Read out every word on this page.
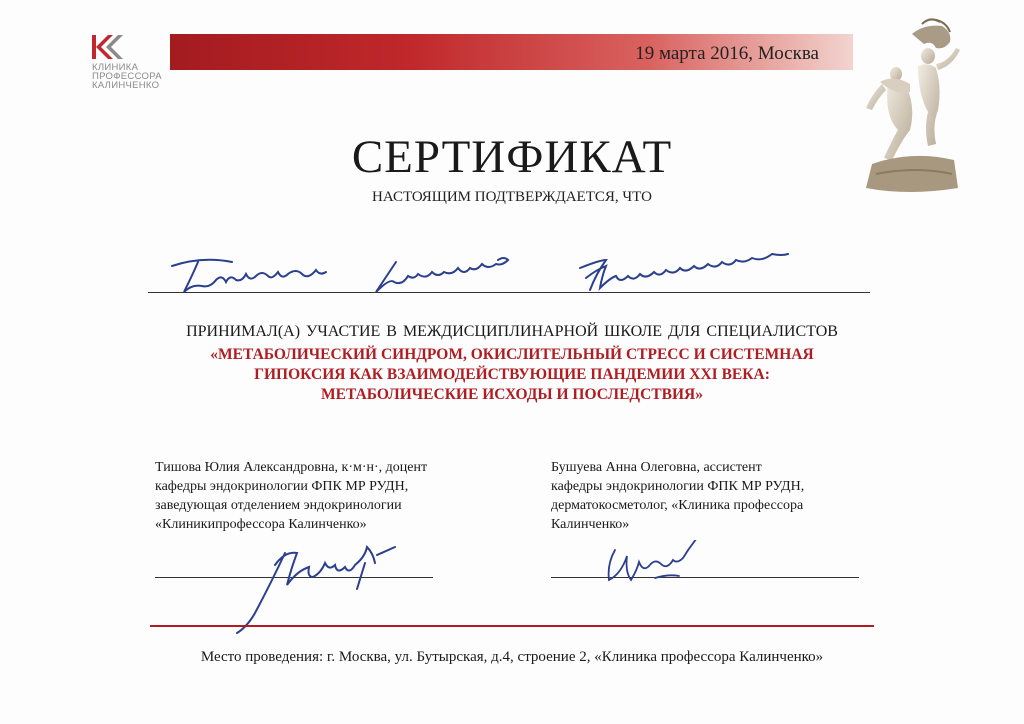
КЛИНИКА
ПРОФЕССОРА
КАЛИНЧЕНКО
19 марта 2016, Москва
СЕРТИФИКАТ
НАСТОЯЩИМ ПОДТВЕРЖДАЕТСЯ, ЧТО
ПРИНИМАЛ(А) УЧАСТИЕ В МЕЖДИСЦИПЛИНАРНОЙ ШКОЛЕ ДЛЯ СПЕЦИАЛИСТОВ
«МЕТАБОЛИЧЕСКИЙ СИНДРОМ, ОКИСЛИТЕЛЬНЫЙ СТРЕСС И СИСТЕМНАЯ
ГИПОКСИЯ КАК ВЗАИМОДЕЙСТВУЮЩИЕ ПАНДЕМИИ XXI ВЕКА:
МЕТАБОЛИЧЕСКИЕ ИСХОДЫ И ПОСЛЕДСТВИЯ»
Тишова Юлия Александровна, к·м·н·, доцент
кафедры эндокринологии ФПК МР РУДН,
заведующая отделением эндокринологии
«Клиникипрофессора Калинченко»
Бушуева Анна Олеговна, ассистент
кафедры эндокринологии ФПК МР РУДН,
дерматокосметолог, «Клиника профессора
Калинченко»
Место проведения: г. Москва, ул. Бутырская, д.4, строение 2, «Клиника профессора Калинченко»
